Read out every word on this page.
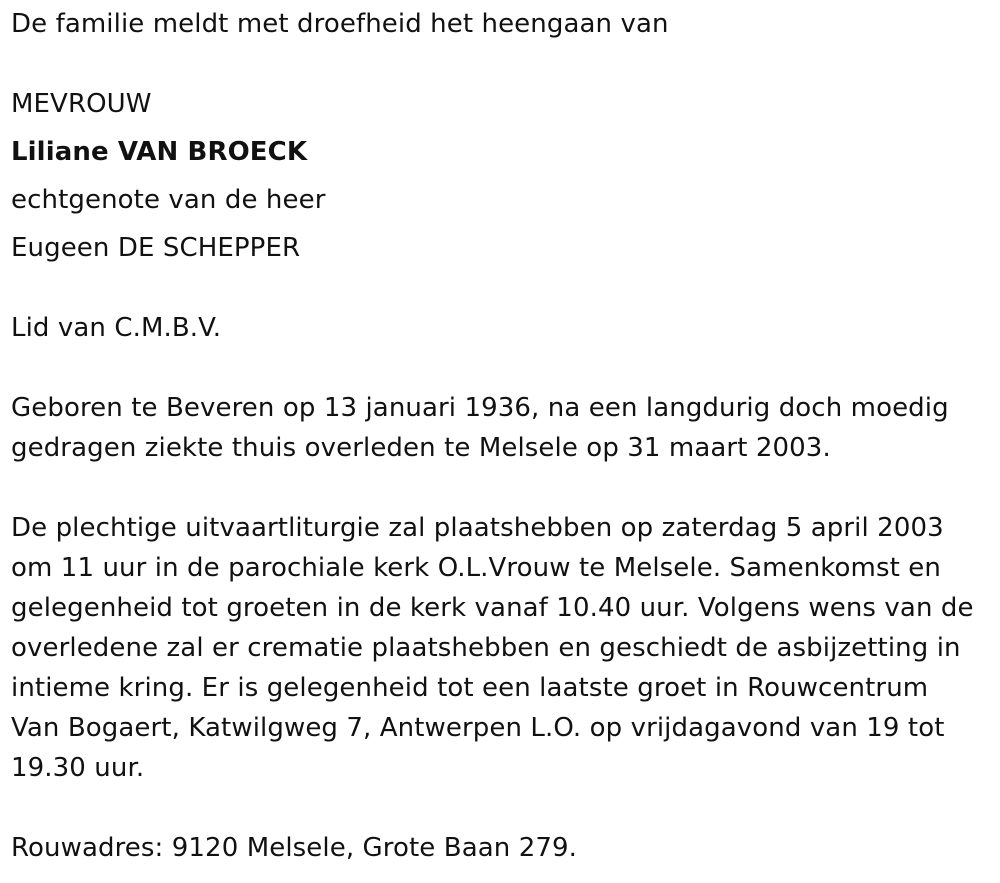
De familie meldt met droefheid het heengaan van
MEVROUW
Liliane VAN BROECK
echtgenote van de heer
Eugeen DE SCHEPPER
Lid van C.M.B.V.
Geboren te Beveren op 13 januari 1936, na een langdurig doch moedig
gedragen ziekte thuis overleden te Melsele op 31 maart 2003.
De plechtige uitvaartliturgie zal plaatshebben op zaterdag 5 april 2003
om 11 uur in de parochiale kerk O.L.Vrouw te Melsele. Samenkomst en
gelegenheid tot groeten in de kerk vanaf 10.40 uur. Volgens wens van de
overledene zal er crematie plaatshebben en geschiedt de asbijzetting in
intieme kring. Er is gelegenheid tot een laatste groet in Rouwcentrum
Van Bogaert, Katwilgweg 7, Antwerpen L.O. op vrijdagavond van 19 tot
19.30 uur.
Rouwadres: 9120 Melsele, Grote Baan 279.
